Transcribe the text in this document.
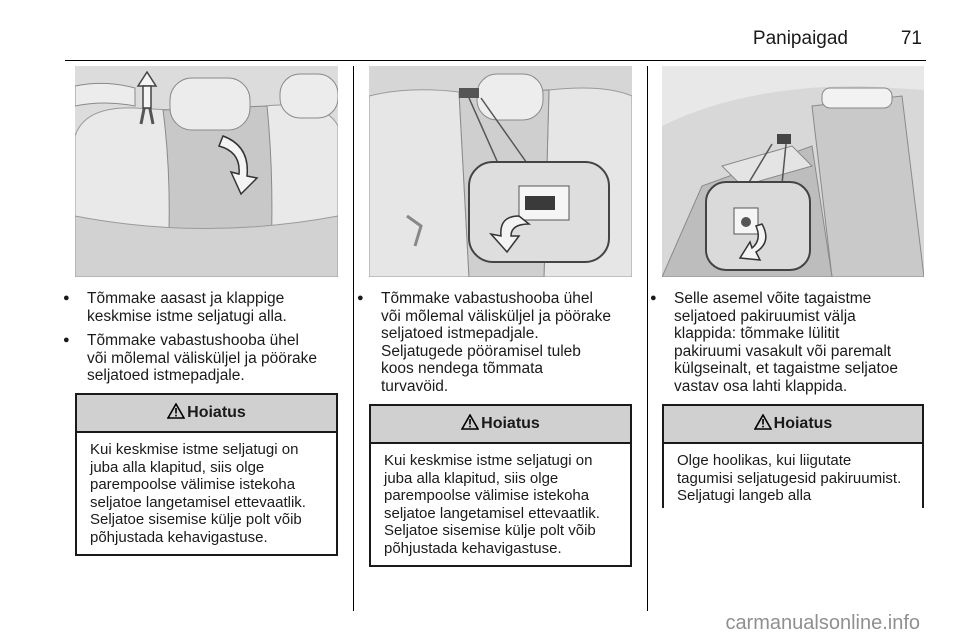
Panipaigad	71
● Tõmmake aasast ja klappige
keskmise istme seljatugi alla.
● Tõmmake vabastushooba ühel
või mõlemal välisküljel ja pöörake
seljatoed istmepadjale.
Hoiatus
Kui keskmise istme seljatugi on
juba alla klapitud, siis olge
parempoolse välimise istekoha
seljatoe langetamisel ettevaatlik.
Seljatoe sisemise külje polt võib
põhjustada kehavigastuse.
● Tõmmake vabastushooba ühel
või mõlemal välisküljel ja pöörake
seljatoed istmepadjale.
Seljatugede pööramisel tuleb
koos nendega tõmmata
turvavöid.
Hoiatus
Kui keskmise istme seljatugi on
juba alla klapitud, siis olge
parempoolse välimise istekoha
seljatoe langetamisel ettevaatlik.
Seljatoe sisemise külje polt võib
põhjustada kehavigastuse.
● Selle asemel võite tagaistme
seljatoed pakiruumist välja
klappida: tõmmake lülitit
pakiruumi vasakult või paremalt
külgseinalt, et tagaistme seljatoe
vastav osa lahti klappida.
Hoiatus
Olge hoolikas, kui liigutate
tagumisi seljatugesid pakiruumist.
Seljatugi langeb alla
carmanualsonline.info
